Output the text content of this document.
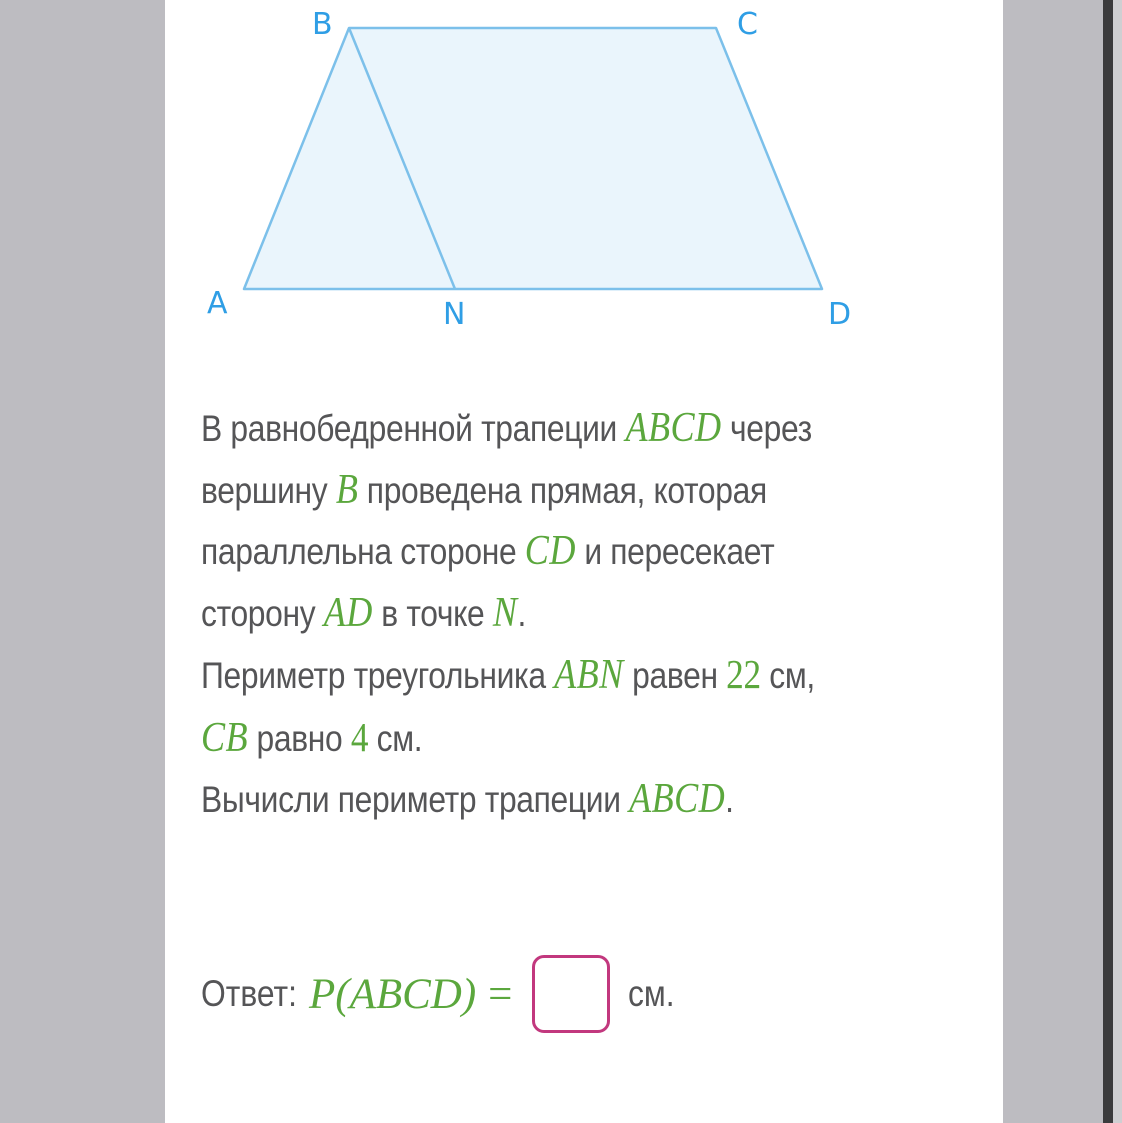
B	C
A	N	D
В равнобедренной трапеции ABCD через
вершину B проведена прямая, которая
параллельна стороне CD и пересекает
сторону AD в точке N.
Периметр треугольника ABN равен 22 см,
CB равно 4 см.
Вычисли периметр трапеции ABCD.
Ответ: P(ABCD) =	см.
